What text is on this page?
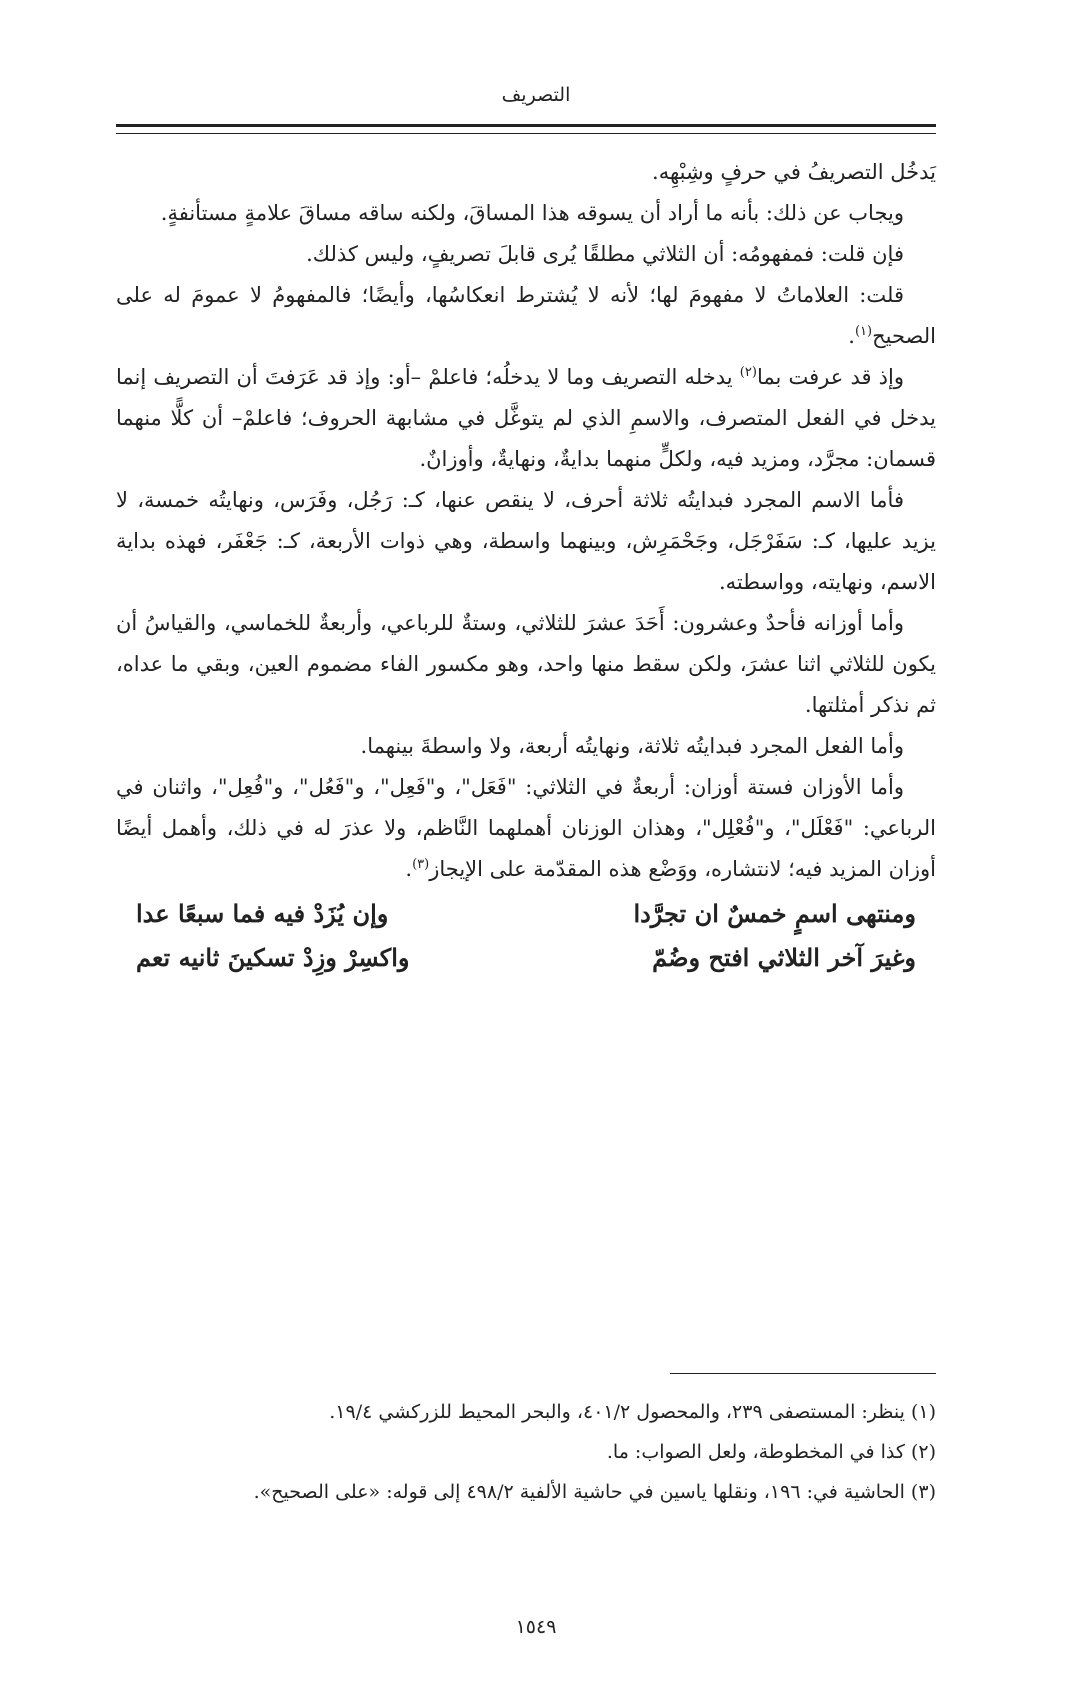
التصريف

يَدخُل التصريفُ في حرفٍ وشِبْهِه.

ويجاب عن ذلك: بأنه ما أراد أن يسوقه هذا المساقَ، ولكنه ساقه مساقَ علامةٍ مستأنفةٍ.

فإن قلت: فمفهومُه: أن الثلاثي مطلقًا يُرى قابلَ تصريفٍ، وليس كذلك.

قلت: العلاماتُ لا مفهومَ لها؛ لأنه لا يُشترط انعكاسُها، وأيضًا؛ فالمفهومُ لا عمومَ له على الصحيح$^{(١)}$.

وإذ قد عرفت بما$^{(٢)}$ يدخله التصريف وما لا يدخلُه؛ فاعلمْ –أو: وإذ قد عَرَفتَ أن التصريف إنما يدخل في الفعل المتصرف، والاسمِ الذي لم يتوغَّل في مشابهة الحروف؛ فاعلمْ– أن كلًّا منهما قسمان: مجرَّد، ومزيد فيه، ولكلٍّ منهما بدايةٌ، ونهايةٌ، وأوزانٌ.

فأما الاسم المجرد فبدايتُه ثلاثة أحرف، لا ينقص عنها، كـ: رَجُل، وفَرَس، ونهايتُه خمسة، لا يزيد عليها، كـ: سَفَرْجَل، وجَحْمَرِش، وبينهما واسطة، وهي ذوات الأربعة، كـ: جَعْفَر، فهذه بداية الاسم، ونهايته، وواسطته.

وأما أوزانه فأحدٌ وعشرون: أَحَدَ عشرَ للثلاثي، وستةٌ للرباعي، وأربعةٌ للخماسي، والقياسُ أن يكون للثلاثي اثنا عشرَ، ولكن سقط منها واحد، وهو مكسور الفاء مضموم العين، وبقي ما عداه، ثم نذكر أمثلتها.

وأما الفعل المجرد فبدايتُه ثلاثة، ونهايتُه أربعة، ولا واسطةَ بينهما.

وأما الأوزان فستة أوزان: أربعةٌ في الثلاثي: "فَعَل"، و"فَعِل"، و"فَعُل"، و"فُعِل"، واثنان في الرباعي: "فَعْلَل"، و"فُعْلِل"، وهذان الوزنان أهملهما النَّاظم، ولا عذرَ له في ذلك، وأهمل أيضًا أوزان المزيد فيه؛ لانتشاره، ووَضْع هذه المقدّمة على الإيجاز$^{(٣)}$.

ومنتهى اسمٍ خمسٌ ان تجرَّدا
وإن يُزَدْ فيه فما سبعًا عدا
وغيرَ آخر الثلاثي افتح وضُمّ
واكسِرْ وزِدْ تسكينَ ثانيه تعم

(١) ينظر: المستصفى ٢٣٩، والمحصول ٤٠١/٢، والبحر المحيط للزركشي ١٩/٤.

(٢) كذا في المخطوطة، ولعل الصواب: ما.

(٣) الحاشية في: ١٩٦، ونقلها ياسين في حاشية الألفية ٤٩٨/٢ إلى قوله: «على الصحيح».

١٥٤٩
